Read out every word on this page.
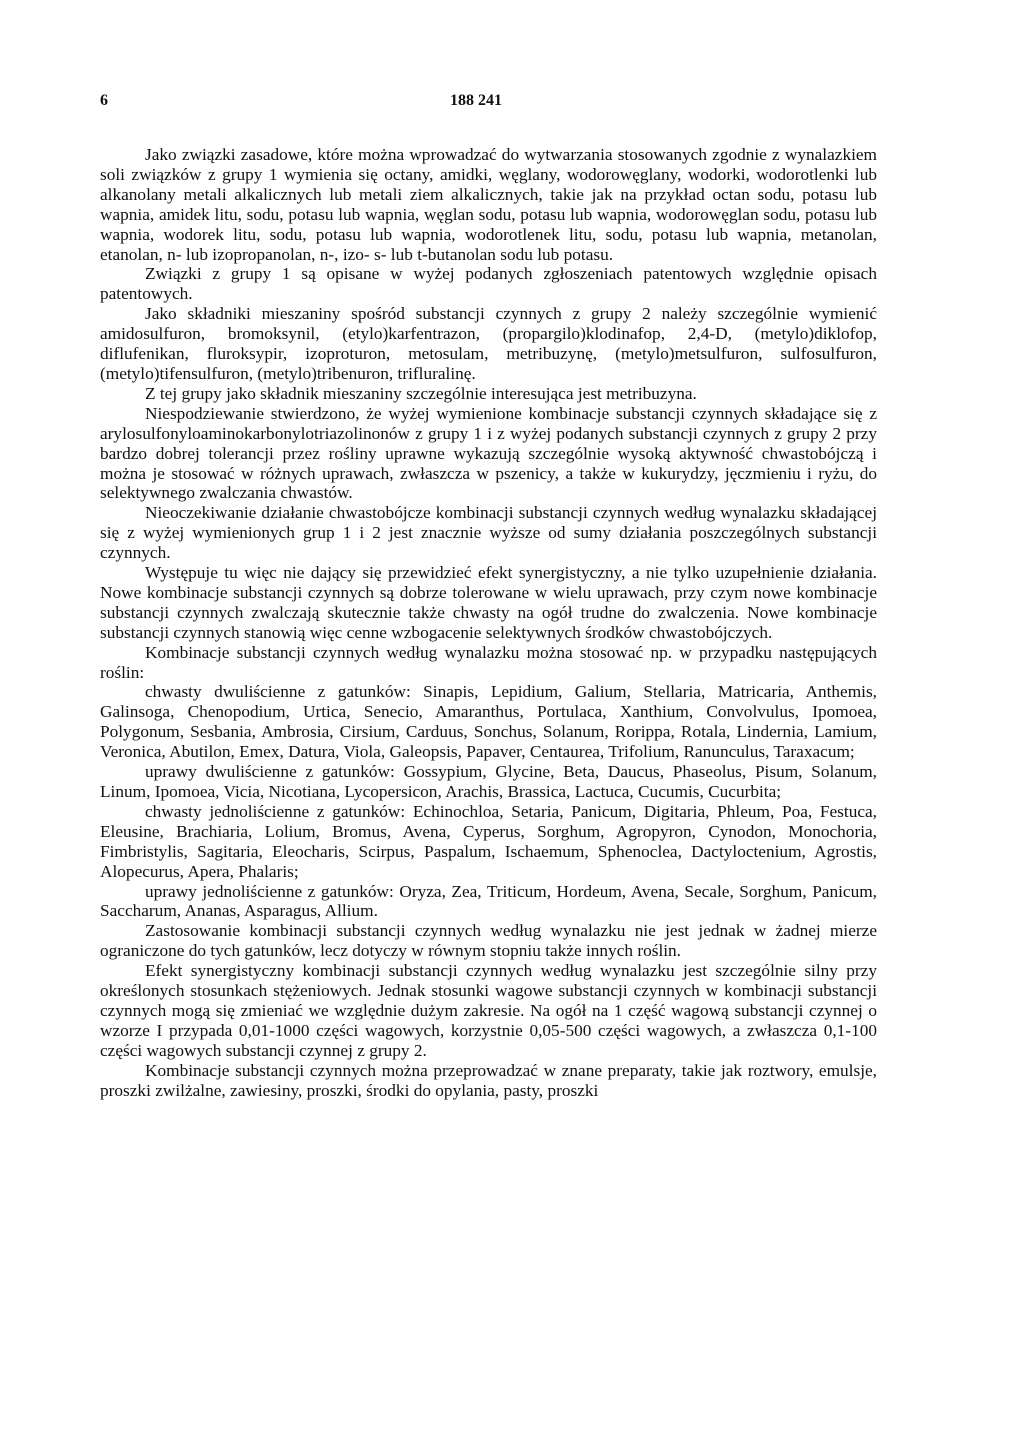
6	188 241

Jako związki zasadowe, które można wprowadzać do wytwarzania stosowanych zgodnie z wynalazkiem soli związków z grupy 1 wymienia się octany, amidki, węglany, wodorowęglany, wodorki, wodorotlenki lub alkanolany metali alkalicznych lub metali ziem alkalicznych, takie jak na przykład octan sodu, potasu lub wapnia, amidek litu, sodu, potasu lub wapnia, węglan sodu, potasu lub wapnia, wodorowęglan sodu, potasu lub wapnia, wodorek litu, sodu, potasu lub wapnia, wodorotlenek litu, sodu, potasu lub wapnia, metanolan, etanolan, n- lub izopropanolan, n-, izo- s- lub t-butanolan sodu lub potasu.

Związki z grupy 1 są opisane w wyżej podanych zgłoszeniach patentowych względnie opisach patentowych.

Jako składniki mieszaniny spośród substancji czynnych z grupy 2 należy szczególnie wymienić amidosulfuron, bromoksynil, (etylo)karfentrazon, (propargilo)klodinafop, 2,4-D, (metylo)diklofop, diflufenikan, fluroksypir, izoproturon, metosulam, metribuzynę, (metylo)metsulfuron, sulfosulfuron, (metylo)tifensulfuron, (metylo)tribenuron, trifluralinę.

Z tej grupy jako składnik mieszaniny szczególnie interesująca jest metribuzyna.

Niespodziewanie stwierdzono, że wyżej wymienione kombinacje substancji czynnych składające się z arylosulfonyloaminokarbonylotriazolinonów z grupy 1 i z wyżej podanych substancji czynnych z grupy 2 przy bardzo dobrej tolerancji przez rośliny uprawne wykazują szczególnie wysoką aktywność chwastobójczą i można je stosować w różnych uprawach, zwłaszcza w pszenicy, a także w kukurydzy, jęczmieniu i ryżu, do selektywnego zwalczania chwastów.

Nieoczekiwanie działanie chwastobójcze kombinacji substancji czynnych według wynalazku składającej się z wyżej wymienionych grup 1 i 2 jest znacznie wyższe od sumy działania poszczególnych substancji czynnych.

Występuje tu więc nie dający się przewidzieć efekt synergistyczny, a nie tylko uzupełnienie działania. Nowe kombinacje substancji czynnych są dobrze tolerowane w wielu uprawach, przy czym nowe kombinacje substancji czynnych zwalczają skutecznie także chwasty na ogół trudne do zwalczenia. Nowe kombinacje substancji czynnych stanowią więc cenne wzbogacenie selektywnych środków chwastobójczych.

Kombinacje substancji czynnych według wynalazku można stosować np. w przypadku następujących roślin:

chwasty dwuliścienne z gatunków: Sinapis, Lepidium, Galium, Stellaria, Matricaria, Anthemis, Galinsoga, Chenopodium, Urtica, Senecio, Amaranthus, Portulaca, Xanthium, Convolvulus, Ipomoea, Polygonum, Sesbania, Ambrosia, Cirsium, Carduus, Sonchus, Solanum, Rorippa, Rotala, Lindernia, Lamium, Veronica, Abutilon, Emex, Datura, Viola, Galeopsis, Papaver, Centaurea, Trifolium, Ranunculus, Taraxacum;

uprawy dwuliścienne z gatunków: Gossypium, Glycine, Beta, Daucus, Phaseolus, Pisum, Solanum, Linum, Ipomoea, Vicia, Nicotiana, Lycopersicon, Arachis, Brassica, Lactuca, Cucumis, Cucurbita;

chwasty jednoliścienne z gatunków: Echinochloa, Setaria, Panicum, Digitaria, Phleum, Poa, Festuca, Eleusine, Brachiaria, Lolium, Bromus, Avena, Cyperus, Sorghum, Agropyron, Cynodon, Monochoria, Fimbristylis, Sagitaria, Eleocharis, Scirpus, Paspalum, Ischaemum, Sphenoclea, Dactyloctenium, Agrostis, Alopecurus, Apera, Phalaris;

uprawy jednoliścienne z gatunków: Oryza, Zea, Triticum, Hordeum, Avena, Secale, Sorghum, Panicum, Saccharum, Ananas, Asparagus, Allium.

Zastosowanie kombinacji substancji czynnych według wynalazku nie jest jednak w żadnej mierze ograniczone do tych gatunków, lecz dotyczy w równym stopniu także innych roślin.

Efekt synergistyczny kombinacji substancji czynnych według wynalazku jest szczególnie silny przy określonych stosunkach stężeniowych. Jednak stosunki wagowe substancji czynnych w kombinacji substancji czynnych mogą się zmieniać we względnie dużym zakresie. Na ogół na 1 część wagową substancji czynnej o wzorze I przypada 0,01-1000 części wagowych, korzystnie 0,05-500 części wagowych, a zwłaszcza 0,1-100 części wagowych substancji czynnej z grupy 2.

Kombinacje substancji czynnych można przeprowadzać w znane preparaty, takie jak roztwory, emulsje, proszki zwilżalne, zawiesiny, proszki, środki do opylania, pasty, proszki
